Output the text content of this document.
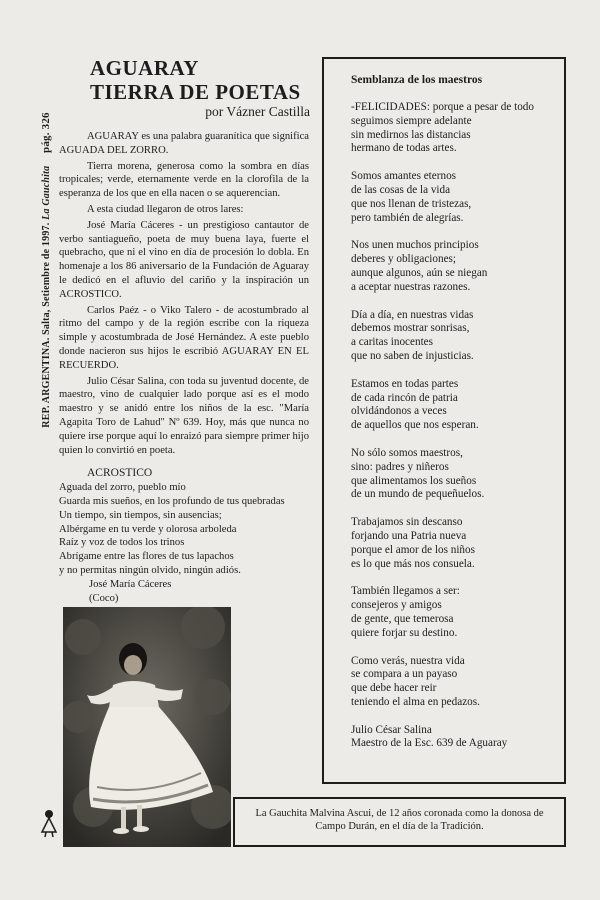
REP. ARGENTINA. Salta, Setiembre de 1997. La Gauchita pág. 326
AGUARAY
TIERRA DE POETAS
por Vázner Castilla

AGUARAY es una palabra guaranítica que significa AGUADA DEL ZORRO.

Tierra morena, generosa como la sombra en días tropicales; verde, eternamente verde en la clorofila de la esperanza de los que en ella nacen o se aquerencian.

A esta ciudad llegaron de otros lares:

José María Cáceres - un prestigioso cantautor de verbo santiagueño, poeta de muy buena laya, fuerte el quebracho, que ni el vino en día de procesión lo dobla. En homenaje a los 86 aniversario de la Fundación de Aguaray le dedicó en el afluvio del cariño y la inspiración un ACROSTICO.

Carlos Paéz - o Viko Talero - de acostumbrado al ritmo del campo y de la región escribe con la riqueza simple y acostumbrada de José Hernández. A este pueblo donde nacieron sus hijos le escribió AGUARAY EN EL RECUERDO.

Julio César Salina, con toda su juventud docente, de maestro, vino de cualquier lado porque así es el modo maestro y se anidó entre los niños de la esc. "María Agapita Toro de Lahud" Nº 639. Hoy, más que nunca no quiere irse porque aquí lo enraizó para siempre primer hijo quien lo convirtió en poeta.

ACROSTICO
Aguada del zorro, pueblo mío
Guarda mis sueños, en los profundo de tus quebradas
Un tiempo, sin tiempos, sin ausencias;
Albérgame en tu verde y olorosa arboleda
Raíz y voz de todos los trinos
Abrígame entre las flores de tus lapachos
y no permitas ningún olvido, ningún adiós.
José María Cáceres
(Coco)
Semblanza de los maestros
-FELICIDADES: porque a pesar de todo
seguimos siempre adelante
sin medirnos las distancias
hermano de todas artes.
Somos amantes eternos
de las cosas de la vida
que nos llenan de tristezas,
pero también de alegrías.
Nos unen muchos principios
deberes y obligaciones;
aunque algunos, aún se niegan
a aceptar nuestras razones.
Día a día, en nuestras vidas
debemos mostrar sonrisas,
a caritas inocentes
que no saben de injusticias.
Estamos en todas partes
de cada rincón de patria
olvidándonos a veces
de aquellos que nos esperan.
No sólo somos maestros,
sino: padres y niñeros
que alimentamos los sueños
de un mundo de pequeñuelos.
Trabajamos sin descanso
forjando una Patria nueva
porque el amor de los niños
es lo que más nos consuela.
También llegamos a ser:
consejeros y amigos
de gente, que temerosa
quiere forjar su destino.
Como verás, nuestra vida
se compara a un payaso
que debe hacer reir
teniendo el alma en pedazos.
Julio César Salina
Maestro de la Esc. 639 de Aguaray
La Gauchita Malvina Ascui, de 12 años coronada como la donosa de Campo Durán, en el día de la Tradición.
